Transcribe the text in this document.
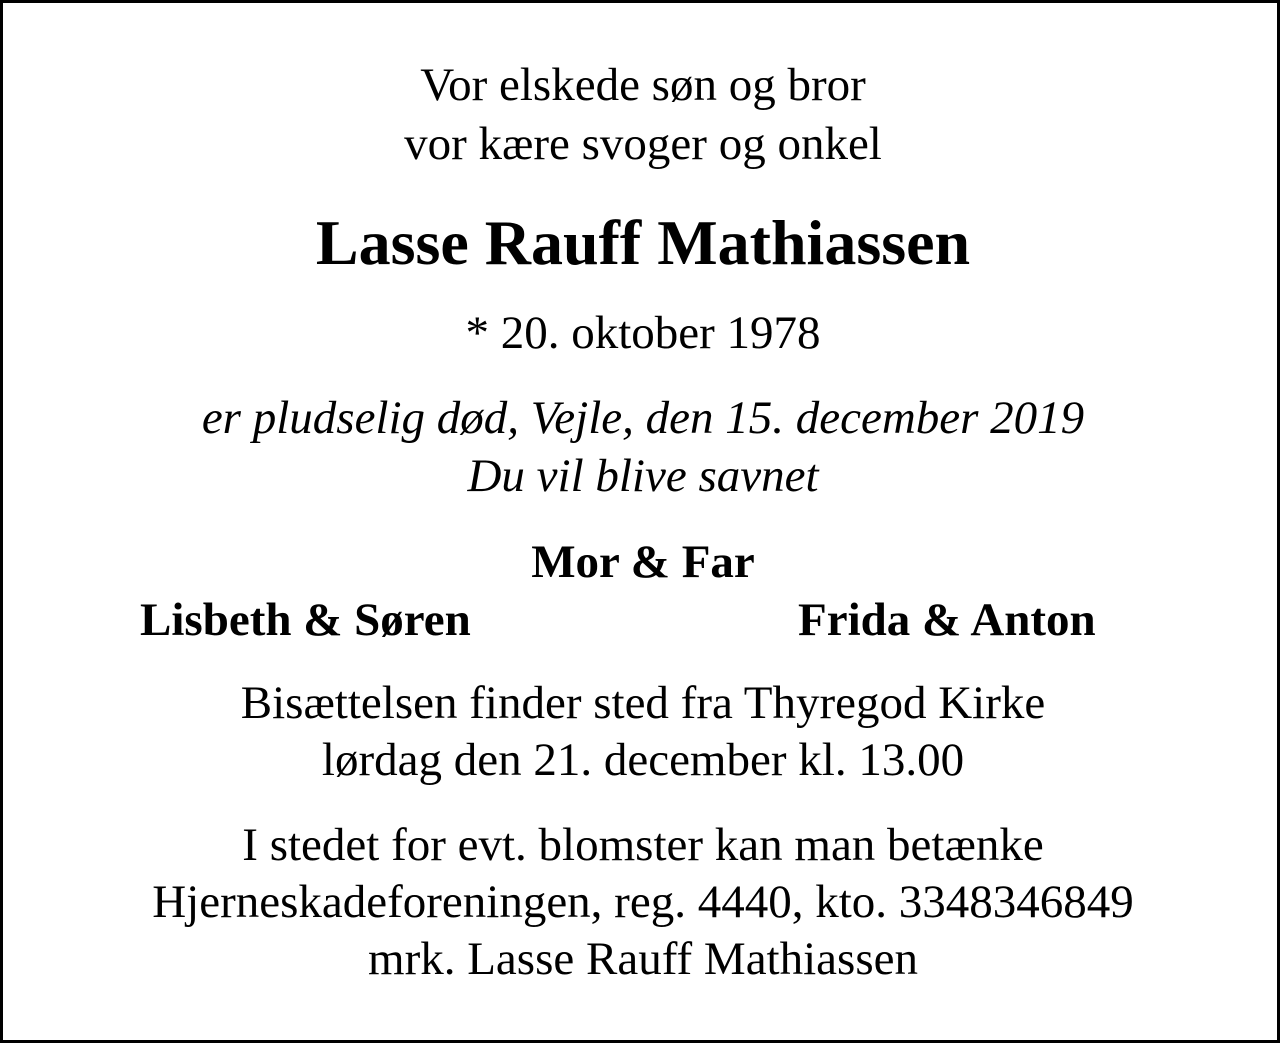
Vor elskede søn og bror
vor kære svoger og onkel
Lasse Rauff Mathiassen
* 20. oktober 1978
er pludselig død, Vejle, den 15. december 2019
Du vil blive savnet
Mor & Far
Lisbeth & Søren	Frida & Anton
Bisættelsen finder sted fra Thyregod Kirke
lørdag den 21. december kl. 13.00
I stedet for evt. blomster kan man betænke
Hjerneskadeforeningen, reg. 4440, kto. 3348346849
mrk. Lasse Rauff Mathiassen
